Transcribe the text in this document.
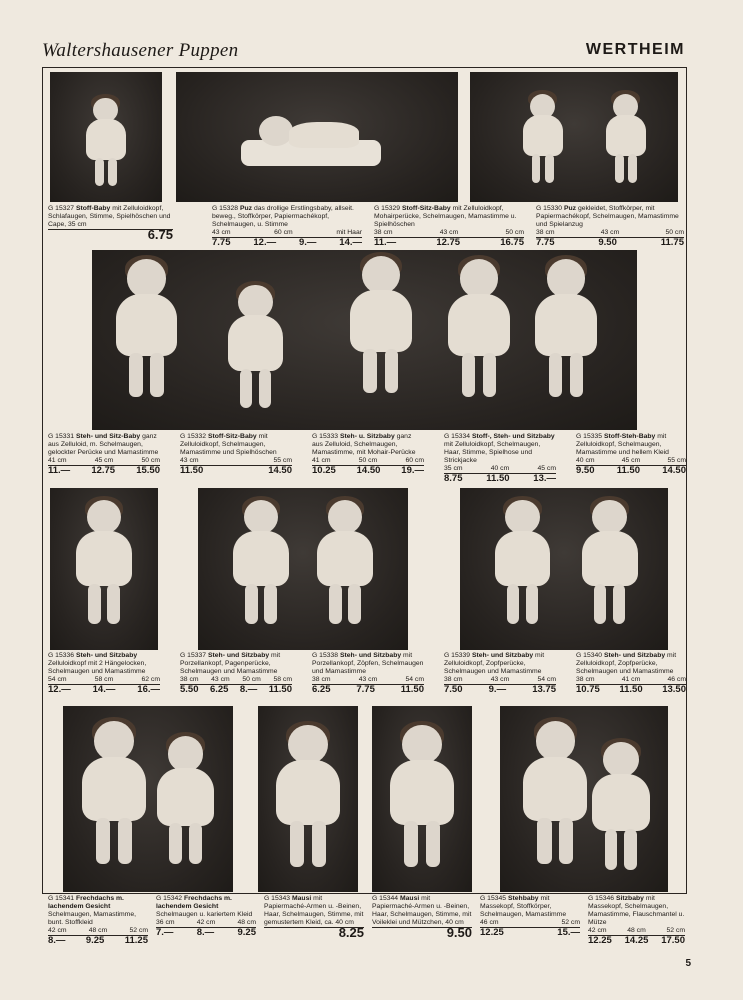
Waltershausener Puppen	WERTHEIM
G 15327 Stoff-Baby mit Zelluloidkopf, Schlafaugen, Stimme, Spielhöschen und Cape, 35 cm
6.75
G 15328 Puz das drollige Erstlingsbaby, allseit. beweg., Stoffkörper, Papiermachékopf, Schelmaugen, u. Stimme
43 cm	60 cm	mit Haar
7.75 12.— 9.— 14.—
G 15329 Stoff-Sitz-Baby mit Zelluloidkopf, Mohairperücke, Schelmaugen, Mamastimme u. Spielhöschen
38 cm	43 cm	50 cm
11.—	12.75	16.75
G 15330 Puz gekleidet, Stoffkörper, mit Papiermachékopf, Schelmaugen, Mamastimme und Spielanzug
38 cm	43 cm	50 cm
7.75	9.50	11.75
G 15331 Steh- und Sitz-Baby ganz aus Zelluloid, m. Schelmaugen, gelockter Perücke und Mamastimme
41 cm	45 cm	50 cm
11.— 12.75 15.50
G 15332 Stoff-Sitz-Baby mit Zelluloidkopf, Schelmaugen, Mamastimme und Spielhöschen
43 cm	55 cm
11.50	14.50
G 15333 Steh- u. Sitzbaby ganz aus Zelluloid, Schelmaugen, Mamastimme, mit Mohair-Perücke
41 cm	50 cm	60 cm
10.25 14.50 19.—
G 15334 Stoff-, Steh- und Sitzbaby mit Zelluloidkopf, Schelmaugen, Haar, Stimme, Spielhose und Strickjacke
35 cm	40 cm	45 cm
8.75	11.50	13.—
G 15335 Stoff-Steh-Baby mit Zelluloidkopf, Schelmaugen, Mamastimme und hellem Kleid
40 cm	45 cm	55 cm
9.50 11.50 14.50
G 15336 Steh- und Sitzbaby Zelluloidkopf mit 2 Hängelocken, Schelmaugen und Mamastimme
54 cm	58 cm	62 cm
12.— 14.— 16.—
G 15337 Steh- und Sitzbaby mit Porzellankopf, Pagenperücke, Schelmaugen und Mamastimme
38 cm 43 cm 50 cm 58 cm
5.50 6.25 8.— 11.50
G 15338 Steh- und Sitzbaby mit Porzellankopf, Zöpfen, Schelmaugen und Mamastimme
38 cm	43 cm	54 cm
6.25	7.75	11.50
G 15339 Steh- und Sitzbaby mit Zelluloidkopf, Zopfperücke, Schelmaugen und Mamastimme
38 cm	43 cm	54 cm
7.50	9.—	13.75
G 15340 Steh- und Sitzbaby mit Zelluloidkopf, Zopfperücke, Schelmaugen und Mamastimme
38 cm	41 cm	46 cm
10.75 11.50 13.50
G 15341 Frechdachs m. lachendem Gesicht Schelmaugen, Mamastimme, bunt. Stoffkleid
42 cm	48 cm	52 cm
8.— 9.25 11.25
G 15342 Frechdachs m. lachendem Gesicht Schelmaugen u. kariertem Kleid
36 cm	42 cm	48 cm
7.— 8.— 9.25
G 15343 Mausi mit Papiermaché-Armen u. -Beinen, Haar, Schelmaugen, Stimme, mit gemustertem Kleid, ca. 40 cm
8.25
G 15344 Mausi mit Papiermaché-Armen u. -Beinen, Haar, Schelmaugen, Stimme, mit Voileklei und Mützchen, 40 cm
9.50
G 15345 Stehbaby mit Massekopf, Stoffkörper, Schelmaugen, Mamastimme
46 cm	52 cm
12.25	15.—
G 15346 Sitzbaby mit Massekopf, Schelmaugen, Mamastimme, Flauschmantel u. Mütze
42 cm	48 cm	52 cm
12.25 14.25 17.50
5
